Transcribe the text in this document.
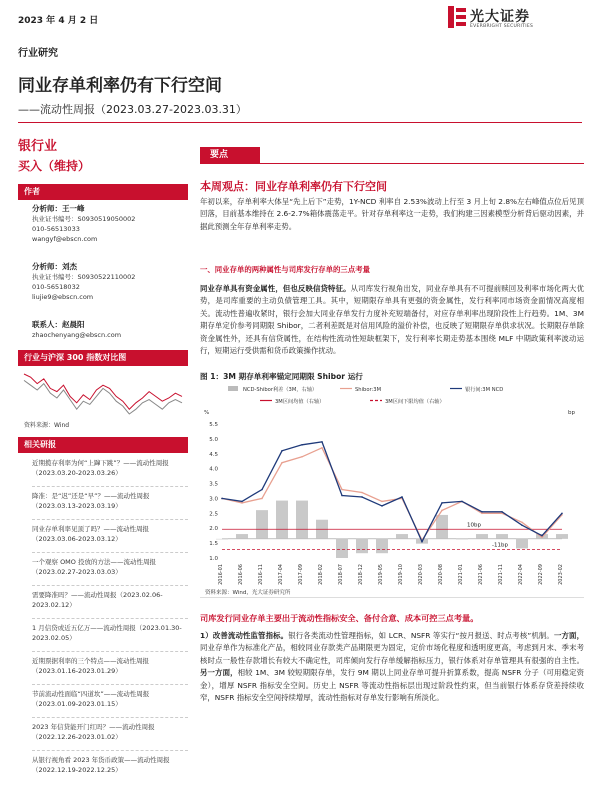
2023 年 4 月 2 日	光大证券
EVERBRIGHT SECURITIES
行业研究
同业存单利率仍有下行空间
——流动性周报（2023.03.27-2023.03.31）
银行业
买入（维持）
作者
分析师：王一峰
执业证书编号：S0930519050002
010-56513033
wangyf@ebscn.com
分析师：刘杰
执业证书编号：S0930522110002
010-56518032
liujie9@ebscn.com
联系人：赵晨阳
zhaochenyang@ebscn.com
行业与沪深 300 指数对比图
资料来源：Wind
相关研报
近期揽存利率为何“上蹿下跳”？——流动性周报（2023.03.20-2023.03.26）
降准：是“迟”还是“早”？——流动性周报（2023.03.13-2023.03.19）
同业存单利率见顶了吗？——流动性周报（2023.03.06-2023.03.12）
一个观察 OMO 投放的方法——流动性周报（2023.02.27-2023.03.03）
需要降准吗？——流动性周报（2023.02.06-2023.02.12）
1 月信贷或近五亿万——流动性周报（2023.01.30-2023.02.05）
近期票据利率的三个特点——流动性周报（2023.01.16-2023.01.29）
节前流动性面临“四道坎”——流动性周报（2023.01.09-2023.01.15）
2023 年信贷能开门红吗？——流动性周报（2022.12.26-2023.01.02）
从银行视角看 2023 年货币政策——流动性周报（2022.12.19-2022.12.25）
要点
本周观点：同业存单利率仍有下行空间
年初以来，存单利率大体呈“先上后下”走势，1Y-NCD 利率自 2.53%波动上行至 3 月上旬 2.8%左右峰值点位后见顶回落，目前基本维持在 2.6-2.7%箱体震荡走平。针对存单利率这一走势，我们构建三因素模型分析背后驱动因素，并据此预测全年存单利率走势。
一、同业存单的两种属性与司库发行存单的三点考量
同业存单具有资金属性，但也反映信贷特征。从司库发行视角出发，同业存单具有不可提前赎回及利率市场化两大优势，是司库重要的主动负债管理工具。其中，短期限存单具有更强的资金属性，发行利率同市场资金面情况高度相关。流动性普遍收紧时，银行会加大同业存单发行力度补充短端备付，对应存单利率出现阶段性上行趋势。1M、3M 期存单定价参考同期限 Shibor，二者利差既是对信用风险的溢价补偿，也反映了短期限存单供求状况。长期限存单除资金属性外，还具有信贷属性，在结构性流动性短缺框架下，发行利率长期走势基本围绕 MLF 中期政策利率波动运行，短期运行受供需和货币政策操作扰动。
图 1：3M 期存单利率锚定同期限 Shibor 运行
5.5
5.0
4.5
4.0
3.5
3.0
2.5
2.0
1.5
1.0
%	bp
NCD-Shibor利差（3M，右轴）	Shibor:3M	银行间:3M NCD
3M区间均值（右轴）	3M区间下限均值（右轴）
10bp
-11bp
2016-01	2016-06	2016-11	2017-04	2017-09	2018-02	2018-07	2018-12	2019-05	2019-10	2020-03	2020-08	2021-01	2021-06	2021-11	2022-04	2022-09	2023-02
资料来源：Wind，光大证券研究所
司库发行同业存单主要出于流动性指标安全、备付合意、成本可控三点考量。
1）改善流动性监管指标。银行各类流动性管理指标，如 LCR、NSFR 等实行“按月报送、时点考核”机制。一方面，同业存单作为标准化产品，相较同业存款类产品期限更为固定，定价市场化程度和透明度更高，考虑到月末、季末考核时点一般性存款增长有较大不确定性，司库倾向发行存单缓解指标压力，银行体系对存单管理具有很强的自主性。另一方面，相较 1M、3M 较短期限存单，发行 9M 期以上同业存单可提升折算系数，提高 NSFR 分子（可用稳定资金），增厚 NSFR 指标安全空间。历史上 NSFR 等流动性指标层出现过阶段性约束，但当前银行体系存贷差持续收窄，NSFR 指标安全空间持续增厚，流动性指标对存单发行影响有所淡化。
